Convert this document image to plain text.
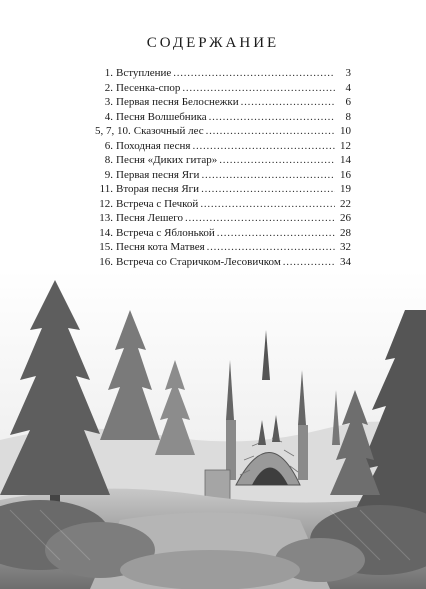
СОДЕРЖАНИЕ
1. Вступление . . .	3
2. Песенка-спор . . .	4
3. Первая песня Белоснежки . . .	6
4. Песня Волшебника . . .	8
5, 7, 10. Сказочный лес . . .	10
6. Походная песня . . .	12
8. Песня «Диких гитар» . . .	14
9. Первая песня Яги . . .	16
11. Вторая песня Яги . . .	19
12. Встреча с Печкой . . .	22
13. Песня Лешего . . .	26
14. Встреча с Яблонькой . . .	28
15. Песня кота Матвея . . .	32
16. Встреча со Старичком-Лесовичком . . .	34
. . .
. . .
. . .
. . .
. . .
. . .
